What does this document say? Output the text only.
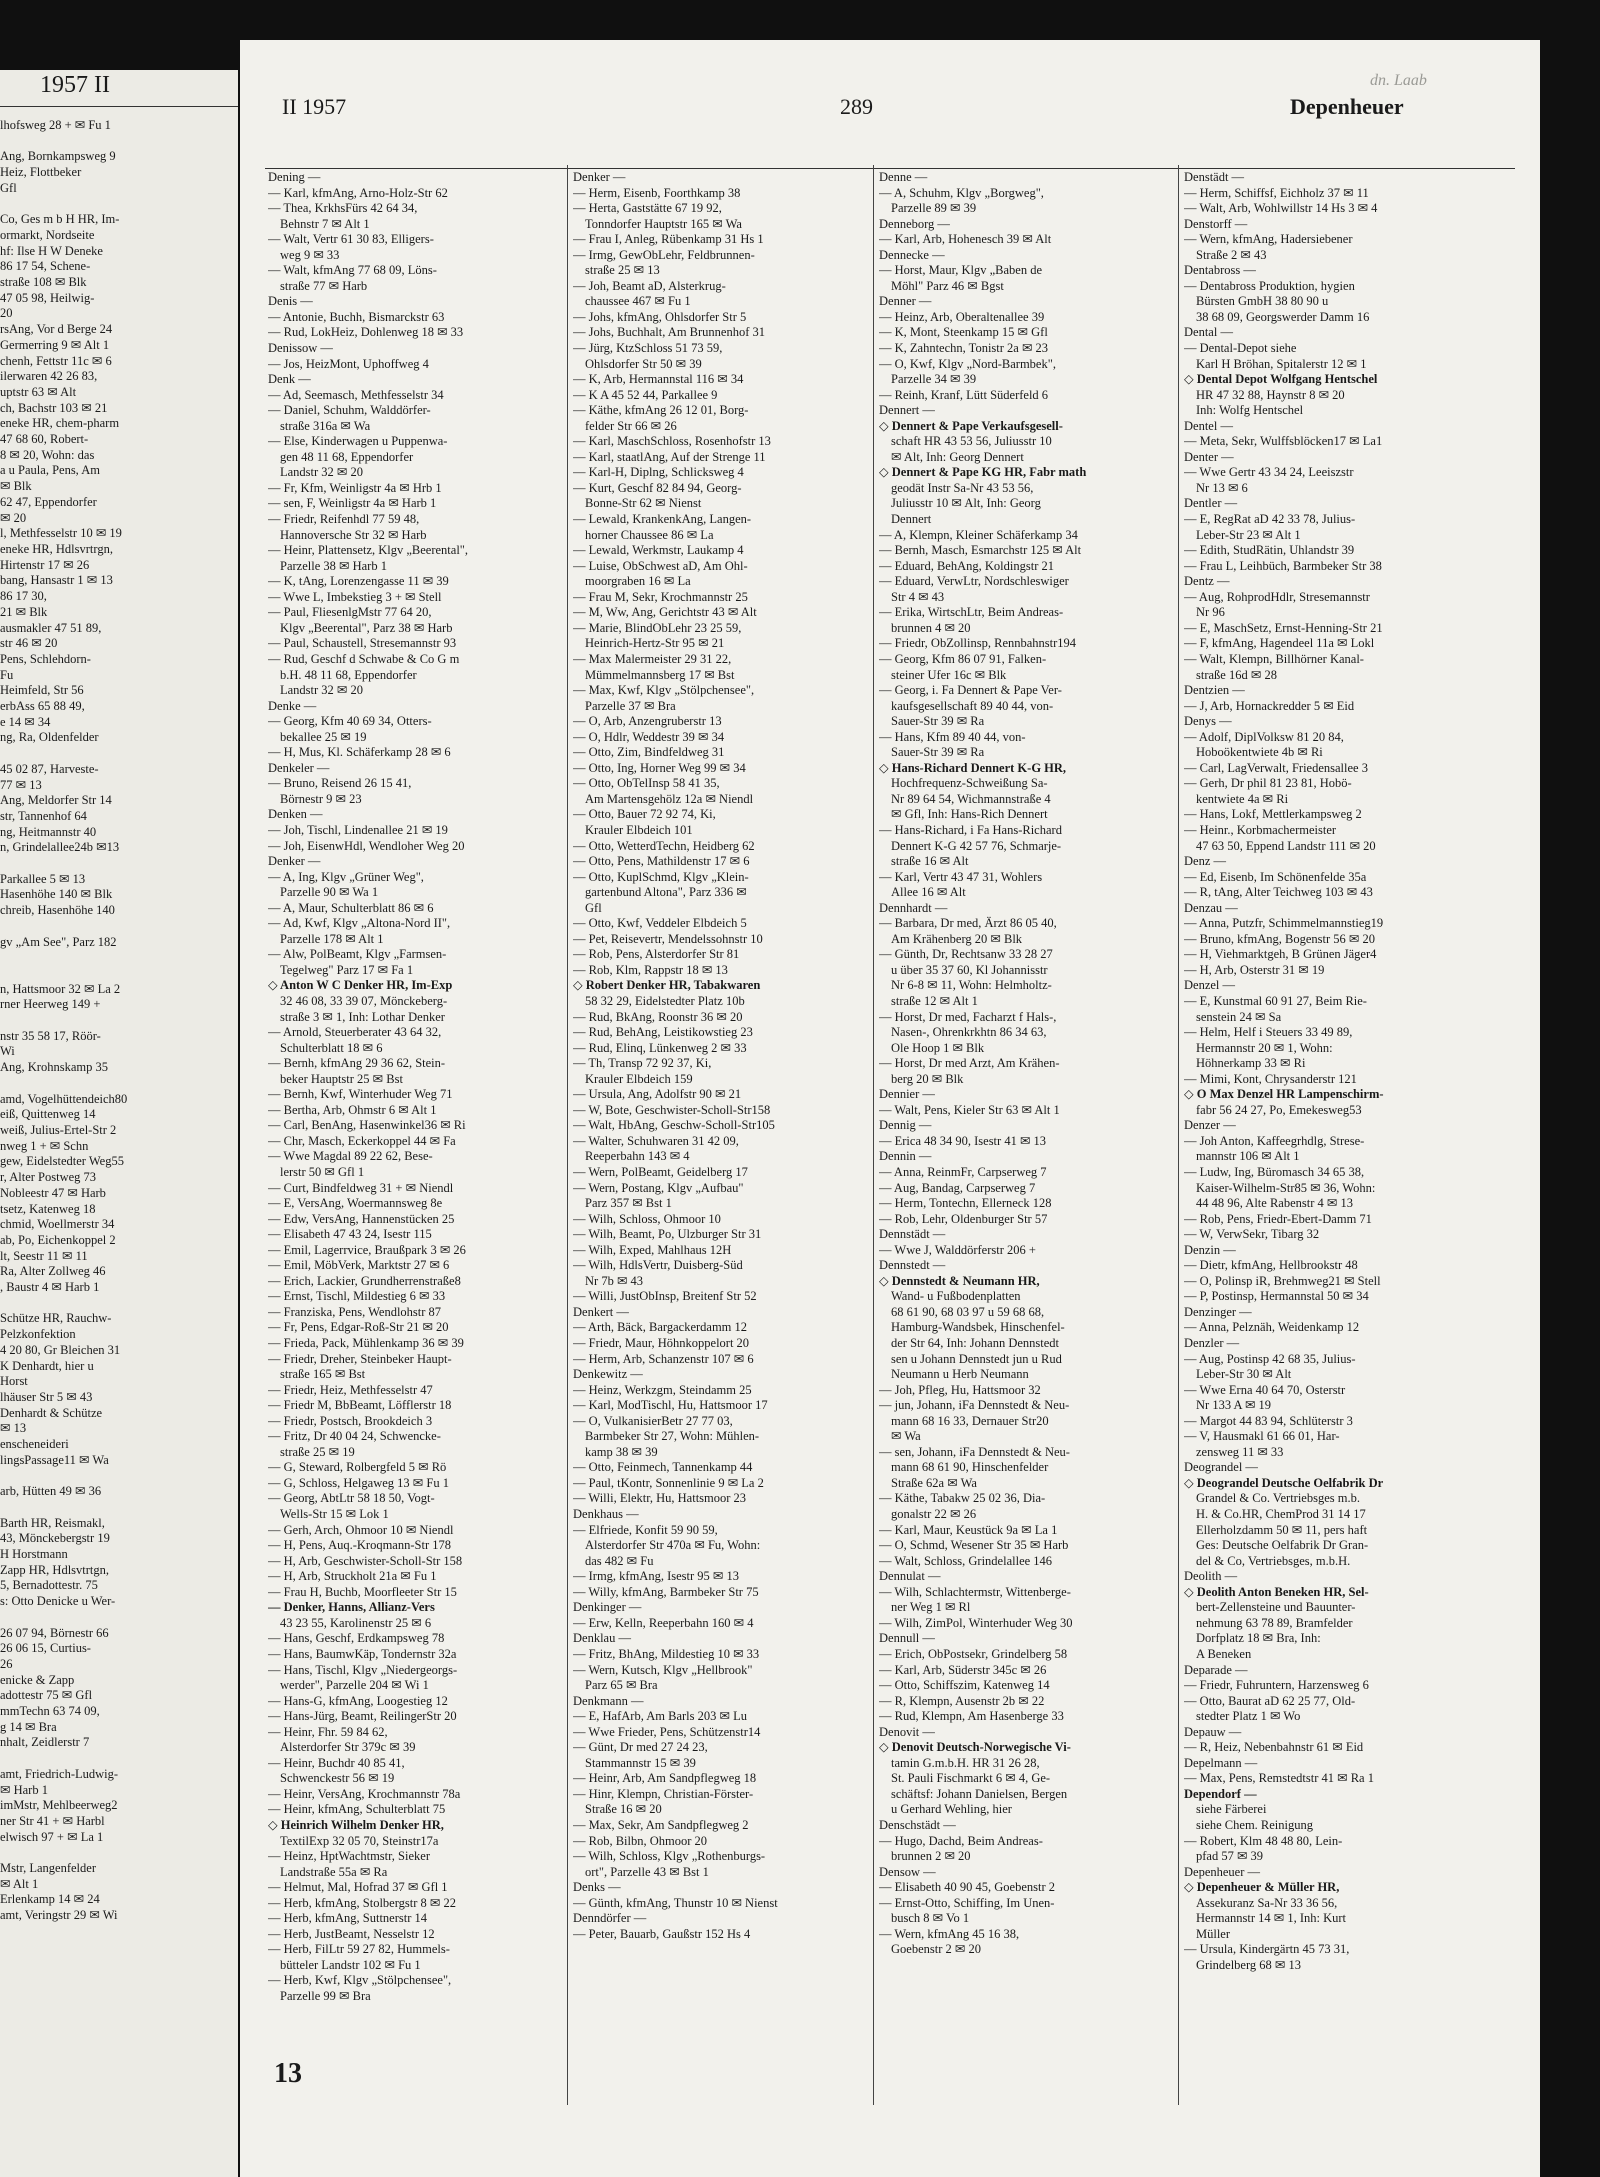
1957 II
lhofsweg 28 + ✉ Fu 1

Ang, Bornkampsweg 9
Heiz, Flottbeker
Gfl

Co, Ges m b H HR, Im-
ormarkt, Nordseite
hf: Ilse H W Deneke
86 17 54, Schene-
straße 108 ✉ Blk
47 05 98, Heilwig-
20
rsAng, Vor d Berge 24
Germerring 9 ✉ Alt 1
chenh, Fettstr 11c ✉ 6
ilerwaren 42 26 83,
uptstr 63 ✉ Alt
ch, Bachstr 103 ✉ 21
eneke HR, chem-pharm
47 68 60, Robert-
8 ✉ 20, Wohn: das
a u Paula, Pens, Am
✉ Blk
62 47, Eppendorfer
✉ 20
l, Methfesselstr 10 ✉ 19
eneke HR, Hdlsvrtrgn,
Hirtenstr 17 ✉ 26
bang, Hansastr 1 ✉ 13
86 17 30,
21 ✉ Blk
ausmakler 47 51 89,
str 46 ✉ 20
Pens, Schlehdorn-
Fu
Heimfeld, Str 56
erbAss 65 88 49,
e 14 ✉ 34
ng, Ra, Oldenfelder

45 02 87, Harveste-
77 ✉ 13
Ang, Meldorfer Str 14
str, Tannenhof 64
ng, Heitmannstr 40
n, Grindelallee24b ✉13

Parkallee 5 ✉ 13
Hasenhöhe 140 ✉ Blk
chreib, Hasenhöhe 140

gv „Am See", Parz 182

n, Hattsmoor 32 ✉ La 2
rner Heerweg 149 +

nstr 35 58 17, Röör-
Wi
Ang, Krohnskamp 35

amd, Vogelhüttendeich80
eiß, Quittenweg 14
weiß, Julius-Ertel-Str 2
nweg 1 + ✉ Schn
gew, Eidelstedter Weg55
r, Alter Postweg 73
Nobleestr 47 ✉ Harb
tsetz, Katenweg 18
chmid, Woellmerstr 34
ab, Po, Eichenkoppel 2
lt, Seestr 11 ✉ 11
Ra, Alter Zollweg 46
, Baustr 4 ✉ Harb 1

Schütze HR, Rauchw-
Pelzkonfektion
4 20 80, Gr Bleichen 31
K Denhardt, hier u
Horst
lhäuser Str 5 ✉ 43
Denhardt & Schütze
✉ 13
enscheneideri
lingsPassage11 ✉ Wa

arb, Hütten 49 ✉ 36

Barth HR, Reismakl,
43, Mönckebergstr 19
H Horstmann
Zapp HR, Hdlsvtrtgn,
5, Bernadottestr. 75
s: Otto Denicke u Wer-

26 07 94, Börnestr 66
26 06 15, Curtius-
26
enicke & Zapp
adottestr 75 ✉ Gfl
mmTechn 63 74 09,
g 14 ✉ Bra
nhalt, Zeidlerstr 7

amt, Friedrich-Ludwig-
✉ Harb 1
imMstr, Mehlbeerweg2
ner Str 41 + ✉ Harbl
elwisch 97 + ✉ La 1

Mstr, Langenfelder
✉ Alt 1
Erlenkamp 14 ✉ 24
amt, Veringstr 29 ✉ Wi
II 1957	289
dn. Laab
Depenheuer
Dening —
— Karl, kfmAng, Arno-Holz-Str 62
— Thea, KrkhsFürs 42 64 34,
Behnstr 7 ✉ Alt 1
— Walt, Vertr 61 30 83, Elligers-
weg 9 ✉ 33
— Walt, kfmAng 77 68 09, Löns-
straße 77 ✉ Harb
Denis —
— Antonie, Buchh, Bismarckstr 63
— Rud, LokHeiz, Dohlenweg 18 ✉ 33
Denissow —
— Jos, HeizMont, Uphoffweg 4
Denk —
— Ad, Seemasch, Methfesselstr 34
— Daniel, Schuhm, Walddörfer-
straße 316a ✉ Wa
— Else, Kinderwagen u Puppenwa-
gen 48 11 68, Eppendorfer
Landstr 32 ✉ 20
— Fr, Kfm, Weinligstr 4a ✉ Hrb 1
— sen, F, Weinligstr 4a ✉ Harb 1
— Friedr, Reifenhdl 77 59 48,
Hannoversche Str 32 ✉ Harb
— Heinr, Plattensetz, Klgv „Beerental",
Parzelle 38 ✉ Harb 1
— K, tAng, Lorenzengasse 11 ✉ 39
— Wwe L, Imbekstieg 3 + ✉ Stell
— Paul, FliesenlgMstr 77 64 20,
Klgv „Beerental", Parz 38 ✉ Harb
— Paul, Schaustell, Stresemannstr 93
— Rud, Geschf d Schwabe & Co G m
b.H. 48 11 68, Eppendorfer
Landstr 32 ✉ 20
Denke —
— Georg, Kfm 40 69 34, Otters-
bekallee 25 ✉ 19
— H, Mus, Kl. Schäferkamp 28 ✉ 6
Denkeler —
— Bruno, Reisend 26 15 41,
Börnestr 9 ✉ 23
Denken —
— Joh, Tischl, Lindenallee 21 ✉ 19
— Joh, EisenwHdl, Wendloher Weg 20
Denker —
— A, Ing, Klgv „Grüner Weg",
Parzelle 90 ✉ Wa 1
— A, Maur, Schulterblatt 86 ✉ 6
— Ad, Kwf, Klgv „Altona-Nord II",
Parzelle 178 ✉ Alt 1
— Alw, PolBeamt, Klgv „Farmsen-
Tegelweg" Parz 17 ✉ Fa 1
◇ Anton W C Denker HR, Im-Exp
32 46 08, 33 39 07, Mönckeberg-
straße 3 ✉ 1, Inh: Lothar Denker
— Arnold, Steuerberater 43 64 32,
Schulterblatt 18 ✉ 6
— Bernh, kfmAng 29 36 62, Stein-
beker Hauptstr 25 ✉ Bst
— Bernh, Kwf, Winterhuder Weg 71
— Bertha, Arb, Ohmstr 6 ✉ Alt 1
— Carl, BenAng, Hasenwinkel36 ✉ Ri
— Chr, Masch, Eckerkoppel 44 ✉ Fa
— Wwe Magdal 89 22 62, Bese-
lerstr 50 ✉ Gfl 1
— Curt, Bindfeldweg 31 + ✉ Niendl
— E, VersAng, Woermannsweg 8e
— Edw, VersAng, Hannenstücken 25
— Elisabeth 47 43 24, Isestr 115
— Emil, Lagerrvice, Braußpark 3 ✉ 26
— Emil, MöbVerk, Marktstr 27 ✉ 6
— Erich, Lackier, Grundherrenstraße8
— Ernst, Tischl, Mildestieg 6 ✉ 33
— Franziska, Pens, Wendlohstr 87
— Fr, Pens, Edgar-Roß-Str 21 ✉ 20
— Frieda, Pack, Mühlenkamp 36 ✉ 39
— Friedr, Dreher, Steinbeker Haupt-
straße 165 ✉ Bst
— Friedr, Heiz, Methfesselstr 47
— Friedr M, BbBeamt, Löfflerstr 18
— Friedr, Postsch, Brookdeich 3
— Fritz, Dr 40 04 24, Schwencke-
straße 25 ✉ 19
— G, Steward, Rolbergfeld 5 ✉ Rö
— G, Schloss, Helgaweg 13 ✉ Fu 1
— Georg, AbtLtr 58 18 50, Vogt-
Wells-Str 15 ✉ Lok 1
— Gerh, Arch, Ohmoor 10 ✉ Niendl
— H, Pens, Auq.-Kroqmann-Str 178
— H, Arb, Geschwister-Scholl-Str 158
— H, Arb, Struckholt 21a ✉ Fu 1
— Frau H, Buchb, Moorfleeter Str 15
— Denker, Hanns, Allianz-Vers
43 23 55, Karolinenstr 25 ✉ 6
— Hans, Geschf, Erdkampsweg 78
— Hans, BaumwKäp, Tondernstr 32a
— Hans, Tischl, Klgv „Niedergeorgs-
werder", Parzelle 204 ✉ Wi 1
— Hans-G, kfmAng, Loogestieg 12
— Hans-Jürg, Beamt, ReilingerStr 20
— Heinr, Fhr. 59 84 62,
Alsterdorfer Str 379c ✉ 39
— Heinr, Buchdr 40 85 41,
Schwenckestr 56 ✉ 19
— Heinr, VersAng, Krochmannstr 78a
— Heinr, kfmAng, Schulterblatt 75
◇ Heinrich Wilhelm Denker HR,
TextilExp 32 05 70, Steinstr17a
— Heinz, HptWachtmstr, Sieker
Landstraße 55a ✉ Ra
— Helmut, Mal, Hofrad 37 ✉ Gfl 1
— Herb, kfmAng, Stolbergstr 8 ✉ 22
— Herb, kfmAng, Suttnerstr 14
— Herb, JustBeamt, Nesselstr 12
— Herb, FilLtr 59 27 82, Hummels-
bütteler Landstr 102 ✉ Fu 1
— Herb, Kwf, Klgv „Stölpchensee",
Parzelle 99 ✉ Bra
Denker —
— Herm, Eisenb, Foorthkamp 38
— Herta, Gaststätte 67 19 92,
Tonndorfer Hauptstr 165 ✉ Wa
— Frau I, Anleg, Rübenkamp 31 Hs 1
— Irmg, GewObLehr, Feldbrunnen-
straße 25 ✉ 13
— Joh, Beamt aD, Alsterkrug-
chaussee 467 ✉ Fu 1
— Johs, kfmAng, Ohlsdorfer Str 5
— Johs, Buchhalt, Am Brunnenhof 31
— Jürg, KtzSchloss 51 73 59,
Ohlsdorfer Str 50 ✉ 39
— K, Arb, Hermannstal 116 ✉ 34
— K A 45 52 44, Parkallee 9
— Käthe, kfmAng 26 12 01, Borg-
felder Str 66 ✉ 26
— Karl, MaschSchloss, Rosenhofstr 13
— Karl, staatlAng, Auf der Strenge 11
— Karl-H, Diplng, Schlicksweg 4
— Kurt, Geschf 82 84 94, Georg-
Bonne-Str 62 ✉ Nienst
— Lewald, KrankenkAng, Langen-
horner Chaussee 86 ✉ La
— Lewald, Werkmstr, Laukamp 4
— Luise, ObSchwest aD, Am Ohl-
moorgraben 16 ✉ La
— Frau M, Sekr, Krochmannstr 25
— M, Ww, Ang, Gerichtstr 43 ✉ Alt
— Marie, BlindObLehr 23 25 59,
Heinrich-Hertz-Str 95 ✉ 21
— Max Malermeister 29 31 22,
Mümmelmannsberg 17 ✉ Bst
— Max, Kwf, Klgv „Stölpchensee",
Parzelle 37 ✉ Bra
— O, Arb, Anzengruberstr 13
— O, Hdlr, Weddestr 39 ✉ 34
— Otto, Zim, Bindfeldweg 31
— Otto, Ing, Horner Weg 99 ✉ 34
— Otto, ObTelInsp 58 41 35,
Am Martensgehölz 12a ✉ Niendl
— Otto, Bauer 72 92 74, Ki,
Krauler Elbdeich 101
— Otto, WetterdTechn, Heidberg 62
— Otto, Pens, Mathildenstr 17 ✉ 6
— Otto, KuplSchmd, Klgv „Klein-
gartenbund Altona", Parz 336 ✉
Gfl
— Otto, Kwf, Veddeler Elbdeich 5
— Pet, Reisevertr, Mendelssohnstr 10
— Rob, Pens, Alsterdorfer Str 81
— Rob, Klm, Rappstr 18 ✉ 13
◇ Robert Denker HR, Tabakwaren
58 32 29, Eidelstedter Platz 10b
— Rud, BkAng, Roonstr 36 ✉ 20
— Rud, BehAng, Leistikowstieg 23
— Rud, Elinq, Lünkenweg 2 ✉ 33
— Th, Transp 72 92 37, Ki,
Krauler Elbdeich 159
— Ursula, Ang, Adolfstr 90 ✉ 21
— W, Bote, Geschwister-Scholl-Str158
— Walt, HbAng, Geschw-Scholl-Str105
— Walter, Schuhwaren 31 42 09,
Reeperbahn 143 ✉ 4
— Wern, PolBeamt, Geidelberg 17
— Wern, Postang, Klgv „Aufbau"
Parz 357 ✉ Bst 1
— Wilh, Schloss, Ohmoor 10
— Wilh, Beamt, Po, Ulzburger Str 31
— Wilh, Exped, Mahlhaus 12H
— Wilh, HdlsVertr, Duisberg-Süd
Nr 7b ✉ 43
— Willi, JustObInsp, Breitenf Str 52
Denkert —
— Arth, Bäck, Bargackerdamm 12
— Friedr, Maur, Höhnkoppelort 20
— Herm, Arb, Schanzenstr 107 ✉ 6
Denkewitz —
— Heinz, Werkzgm, Steindamm 25
— Karl, ModTischl, Hu, Hattsmoor 17
— O, VulkanisierBetr 27 77 03,
Barmbeker Str 27, Wohn: Mühlen-
kamp 38 ✉ 39
— Otto, Feinmech, Tannenkamp 44
— Paul, tKontr, Sonnenlinie 9 ✉ La 2
— Willi, Elektr, Hu, Hattsmoor 23
Denkhaus —
— Elfriede, Konfit 59 90 59,
Alsterdorfer Str 470a ✉ Fu, Wohn:
das 482 ✉ Fu
— Irmg, kfmAng, Isestr 95 ✉ 13
— Willy, kfmAng, Barmbeker Str 75
Denkinger —
— Erw, Kelln, Reeperbahn 160 ✉ 4
Denklau —
— Fritz, BhAng, Mildestieg 10 ✉ 33
— Wern, Kutsch, Klgv „Hellbrook"
Parz 65 ✉ Bra
Denkmann —
— E, HafArb, Am Barls 203 ✉ Lu
— Wwe Frieder, Pens, Schützenstr14
— Günt, Dr med 27 24 23,
Stammannstr 15 ✉ 39
— Heinr, Arb, Am Sandpflegweg 18
— Hinr, Klempn, Christian-Förster-
Straße 16 ✉ 20
— Max, Sekr, Am Sandpflegweg 2
— Rob, Bilbn, Ohmoor 20
— Wilh, Schloss, Klgv „Rothenburgs-
ort", Parzelle 43 ✉ Bst 1
Denks —
— Günth, kfmAng, Thunstr 10 ✉ Nienst
Denndörfer —
— Peter, Bauarb, Gaußstr 152 Hs 4
Denne —
— A, Schuhm, Klgv „Borgweg",
Parzelle 89 ✉ 39
Denneborg —
— Karl, Arb, Hohenesch 39 ✉ Alt
Dennecke —
— Horst, Maur, Klgv „Baben de
Möhl" Parz 46 ✉ Bgst
Denner —
— Heinz, Arb, Oberaltenallee 39
— K, Mont, Steenkamp 15 ✉ Gfl
— K, Zahntechn, Tonistr 2a ✉ 23
— O, Kwf, Klgv „Nord-Barmbek",
Parzelle 34 ✉ 39
— Reinh, Kranf, Lütt Süderfeld 6
Dennert —
◇ Dennert & Pape Verkaufsgesell-
schaft HR 43 53 56, Juliusstr 10
✉ Alt, Inh: Georg Dennert
◇ Dennert & Pape KG HR, Fabr math
geodät Instr Sa-Nr 43 53 56,
Juliusstr 10 ✉ Alt, Inh: Georg
Dennert
— A, Klempn, Kleiner Schäferkamp 34
— Bernh, Masch, Esmarchstr 125 ✉ Alt
— Eduard, BehAng, Koldingstr 21
— Eduard, VerwLtr, Nordschleswiger
Str 4 ✉ 43
— Erika, WirtschLtr, Beim Andreas-
brunnen 4 ✉ 20
— Friedr, ObZollinsp, Rennbahnstr194
— Georg, Kfm 86 07 91, Falken-
steiner Ufer 16c ✉ Blk
— Georg, i. Fa Dennert & Pape Ver-
kaufsgesellschaft 89 40 44, von-
Sauer-Str 39 ✉ Ra
— Hans, Kfm 89 40 44, von-
Sauer-Str 39 ✉ Ra
◇ Hans-Richard Dennert K-G HR,
Hochfrequenz-Schweißung Sa-
Nr 89 64 54, Wichmannstraße 4
✉ Gfl, Inh: Hans-Rich Dennert
— Hans-Richard, i Fa Hans-Richard
Dennert K-G 42 57 76, Schmarje-
straße 16 ✉ Alt
— Karl, Vertr 43 47 31, Wohlers
Allee 16 ✉ Alt
Dennhardt —
— Barbara, Dr med, Ärzt 86 05 40,
Am Krähenberg 20 ✉ Blk
— Günth, Dr, Rechtsanw 33 28 27
u über 35 37 60, Kl Johannisstr
Nr 6-8 ✉ 11, Wohn: Helmholtz-
straße 12 ✉ Alt 1
— Horst, Dr med, Facharzt f Hals-,
Nasen-, Ohrenkrkhtn 86 34 63,
Ole Hoop 1 ✉ Blk
— Horst, Dr med Arzt, Am Krähen-
berg 20 ✉ Blk
Dennier —
— Walt, Pens, Kieler Str 63 ✉ Alt 1
Dennig —
— Erica 48 34 90, Isestr 41 ✉ 13
Dennin —
— Anna, ReinmFr, Carpserweg 7
— Aug, Bandag, Carpserweg 7
— Herm, Tontechn, Ellerneck 128
— Rob, Lehr, Oldenburger Str 57
Dennstädt —
— Wwe J, Walddörferstr 206 +
Dennstedt —
◇ Dennstedt & Neumann HR,
Wand- u Fußbodenplatten
68 61 90, 68 03 97 u 59 68 68,
Hamburg-Wandsbek, Hinschenfel-
der Str 64, Inh: Johann Dennstedt
sen u Johann Dennstedt jun u Rud
Neumann u Herb Neumann
— Joh, Pfleg, Hu, Hattsmoor 32
— jun, Johann, iFa Dennstedt & Neu-
mann 68 16 33, Dernauer Str20
✉ Wa
— sen, Johann, iFa Dennstedt & Neu-
mann 68 61 90, Hinschenfelder
Straße 62a ✉ Wa
— Käthe, Tabakw 25 02 36, Dia-
gonalstr 22 ✉ 26
— Karl, Maur, Keustück 9a ✉ La 1
— O, Schmd, Wesener Str 35 ✉ Harb
— Walt, Schloss, Grindelallee 146
Dennulat —
— Wilh, Schlachtermstr, Wittenberge-
ner Weg 1 ✉ Rl
— Wilh, ZimPol, Winterhuder Weg 30
Dennull —
— Erich, ObPostsekr, Grindelberg 58
— Karl, Arb, Süderstr 345c ✉ 26
— Otto, Schiffszim, Katenweg 14
— R, Klempn, Ausenstr 2b ✉ 22
— Rud, Klempn, Am Hasenberge 33
Denovit —
◇ Denovit Deutsch-Norwegische Vi-
tamin G.m.b.H. HR 31 26 28,
St. Pauli Fischmarkt 6 ✉ 4, Ge-
schäftsf: Johann Danielsen, Bergen
u Gerhard Wehling, hier
Denschstädt —
— Hugo, Dachd, Beim Andreas-
brunnen 2 ✉ 20
Densow —
— Elisabeth 40 90 45, Goebenstr 2
— Ernst-Otto, Schiffing, Im Unen-
busch 8 ✉ Vo 1
— Wern, kfmAng 45 16 38,
Goebenstr 2 ✉ 20
Denstädt —
— Herm, Schiffsf, Eichholz 37 ✉ 11
— Walt, Arb, Wohlwillstr 14 Hs 3 ✉ 4
Denstorff —
— Wern, kfmAng, Hadersiebener
Straße 2 ✉ 43
Dentabross —
— Dentabross Produktion, hygien
Bürsten GmbH 38 80 90 u
38 68 09, Georgswerder Damm 16
Dental —
— Dental-Depot siehe
Karl H Bröhan, Spitalerstr 12 ✉ 1
◇ Dental Depot Wolfgang Hentschel
HR 47 32 88, Haynstr 8 ✉ 20
Inh: Wolfg Hentschel
Dentel —
— Meta, Sekr, Wulffsblöcken17 ✉ La1
Denter —
— Wwe Gertr 43 34 24, Leeiszstr
Nr 13 ✉ 6
Dentler —
— E, RegRat aD 42 33 78, Julius-
Leber-Str 23 ✉ Alt 1
— Edith, StudRätin, Uhlandstr 39
— Frau L, Leihbüch, Barmbeker Str 38
Dentz —
— Aug, RohprodHdlr, Stresemannstr
Nr 96
— E, MaschSetz, Ernst-Henning-Str 21
— F, kfmAng, Hagendeel 11a ✉ Lokl
— Walt, Klempn, Billhörner Kanal-
straße 16d ✉ 28
Dentzien —
— J, Arb, Hornackredder 5 ✉ Eid
Denys —
— Adolf, DiplVolksw 81 20 84,
Hoboökentwiete 4b ✉ Ri
— Carl, LagVerwalt, Friedensallee 3
— Gerh, Dr phil 81 23 81, Hobö-
kentwiete 4a ✉ Ri
— Hans, Lokf, Mettlerkampsweg 2
— Heinr., Korbmachermeister
47 63 50, Eppend Landstr 111 ✉ 20
Denz —
— Ed, Eisenb, Im Schönenfelde 35a
— R, tAng, Alter Teichweg 103 ✉ 43
Denzau —
— Anna, Putzfr, Schimmelmannstieg19
— Bruno, kfmAng, Bogenstr 56 ✉ 20
— H, Viehmarktgeh, B Grünen Jäger4
— H, Arb, Osterstr 31 ✉ 19
Denzel —
— E, Kunstmal 60 91 27, Beim Rie-
senstein 24 ✉ Sa
— Helm, Helf i Steuers 33 49 89,
Hermannstr 20 ✉ 1, Wohn:
Höhnerkamp 33 ✉ Ri
— Mimi, Kont, Chrysanderstr 121
◇ O Max Denzel HR Lampenschirm-
fabr 56 24 27, Po, Emekesweg53
Denzer —
— Joh Anton, Kaffeegrhdlg, Strese-
mannstr 106 ✉ Alt 1
— Ludw, Ing, Büromasch 34 65 38,
Kaiser-Wilhelm-Str85 ✉ 36, Wohn:
44 48 96, Alte Rabenstr 4 ✉ 13
— Rob, Pens, Friedr-Ebert-Damm 71
— W, VerwSekr, Tibarg 32
Denzin —
— Dietr, kfmAng, Hellbrookstr 48
— O, Polinsp iR, Brehmweg21 ✉ Stell
— P, Postinsp, Hermannstal 50 ✉ 34
Denzinger —
— Anna, Pelznäh, Weidenkamp 12
Denzler —
— Aug, Postinsp 42 68 35, Julius-
Leber-Str 30 ✉ Alt
— Wwe Erna 40 64 70, Osterstr
Nr 133 A ✉ 19
— Margot 44 83 94, Schlüterstr 3
— V, Hausmakl 61 66 01, Har-
zensweg 11 ✉ 33
Deograndel —
◇ Deograndel Deutsche Oelfabrik Dr
Grandel & Co. Vertriebsges m.b.
H. & Co.HR, ChemProd 31 14 17
Ellerholzdamm 50 ✉ 11, pers haft
Ges: Deutsche Oelfabrik Dr Gran-
del & Co, Vertriebsges, m.b.H.
Deolith —
◇ Deolith Anton Beneken HR, Sel-
bert-Zellensteine und Bauunter-
nehmung 63 78 89, Bramfelder
Dorfplatz 18 ✉ Bra, Inh:
A Beneken
Deparade —
— Friedr, Fuhruntern, Harzensweg 6
— Otto, Baurat aD 62 25 77, Old-
stedter Platz 1 ✉ Wo
Depauw —
— R, Heiz, Nebenbahnstr 61 ✉ Eid
Depelmann —
— Max, Pens, Remstedtstr 41 ✉ Ra 1
Dependorf —
siehe Färberei
siehe Chem. Reinigung
— Robert, Klm 48 48 80, Lein-
pfad 57 ✉ 39
Depenheuer —
◇ Depenheuer & Müller HR,
Assekuranz Sa-Nr 33 36 56,
Hermannstr 14 ✉ 1, Inh: Kurt
Müller
— Ursula, Kindergärtn 45 73 31,
Grindelberg 68 ✉ 13
13
